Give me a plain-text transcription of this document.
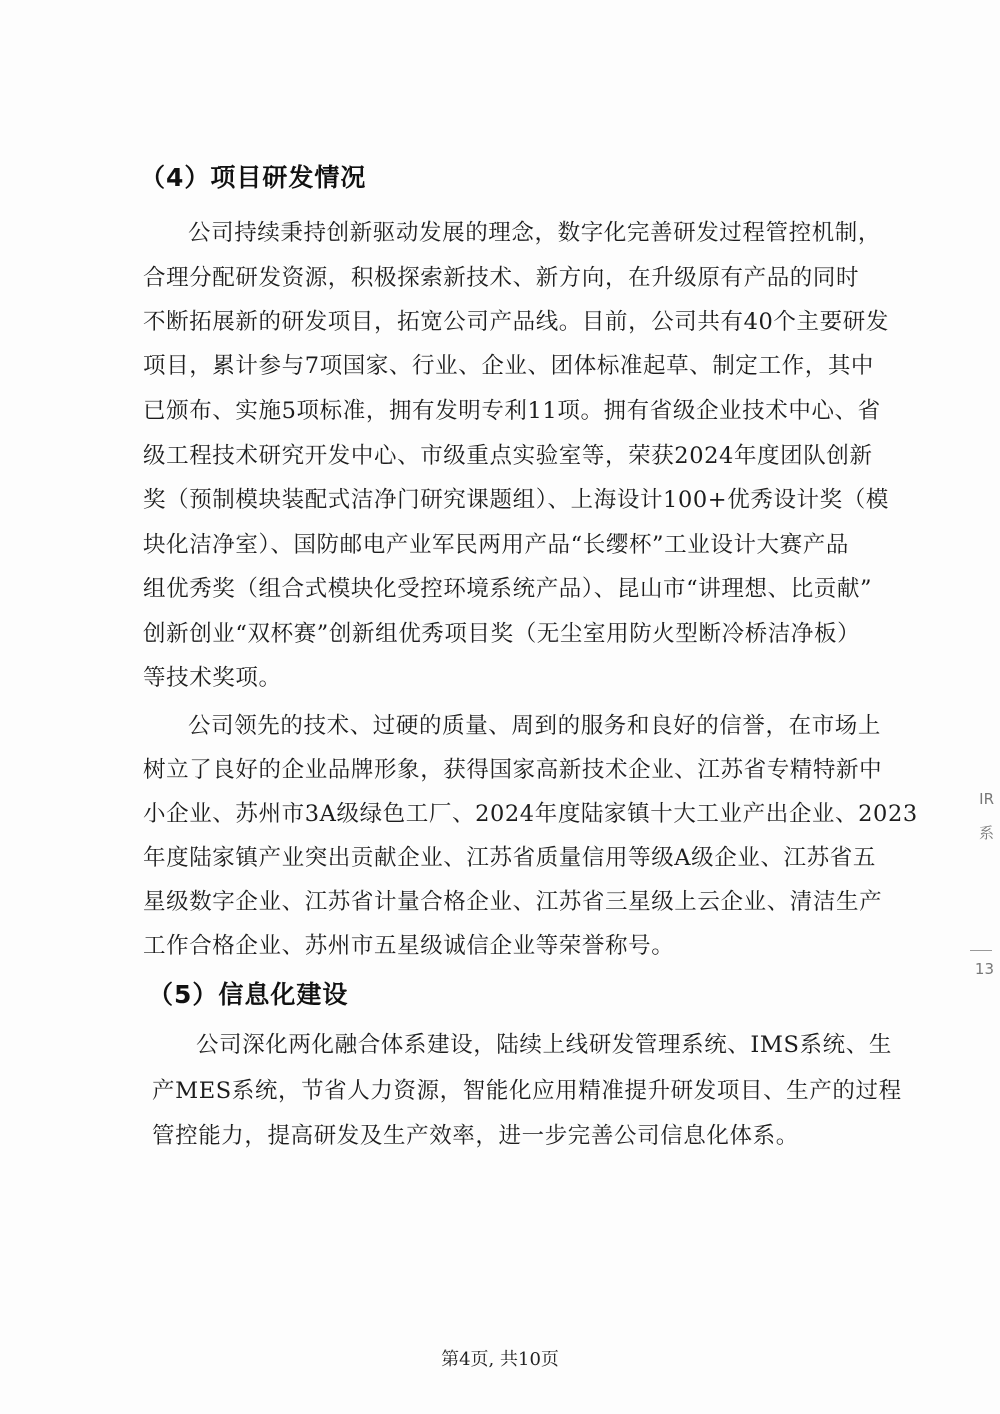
（4）项目研发情况
公司持续秉持创新驱动发展的理念，数字化完善研发过程管控机制，
合理分配研发资源，积极探索新技术、新方向，在升级原有产品的同时
不断拓展新的研发项目，拓宽公司产品线。目前，公司共有40个主要研发
项目，累计参与7项国家、行业、企业、团体标准起草、制定工作，其中
已颁布、实施5项标准，拥有发明专利11项。拥有省级企业技术中心、省
级工程技术研究开发中心、市级重点实验室等，荣获2024年度团队创新
奖（预制模块装配式洁净门研究课题组）、上海设计100+优秀设计奖（模
块化洁净室）、国防邮电产业军民两用产品“长缨杯”工业设计大赛产品
组优秀奖（组合式模块化受控环境系统产品）、昆山市“讲理想、比贡献”
创新创业“双杯赛”创新组优秀项目奖（无尘室用防火型断冷桥洁净板）
等技术奖项。
公司领先的技术、过硬的质量、周到的服务和良好的信誉，在市场上
树立了良好的企业品牌形象，获得国家高新技术企业、江苏省专精特新中
小企业、苏州市3A级绿色工厂、2024年度陆家镇十大工业产出企业、2023
年度陆家镇产业突出贡献企业、江苏省质量信用等级A级企业、江苏省五
星级数字企业、江苏省计量合格企业、江苏省三星级上云企业、清洁生产
工作合格企业、苏州市五星级诚信企业等荣誉称号。
（5）信息化建设
公司深化两化融合体系建设，陆续上线研发管理系统、IMS系统、生
产MES系统，节省人力资源，智能化应用精准提升研发项目、生产的过程
管控能力，提高研发及生产效率，进一步完善公司信息化体系。
第4页, 共10页
IR
系
13
